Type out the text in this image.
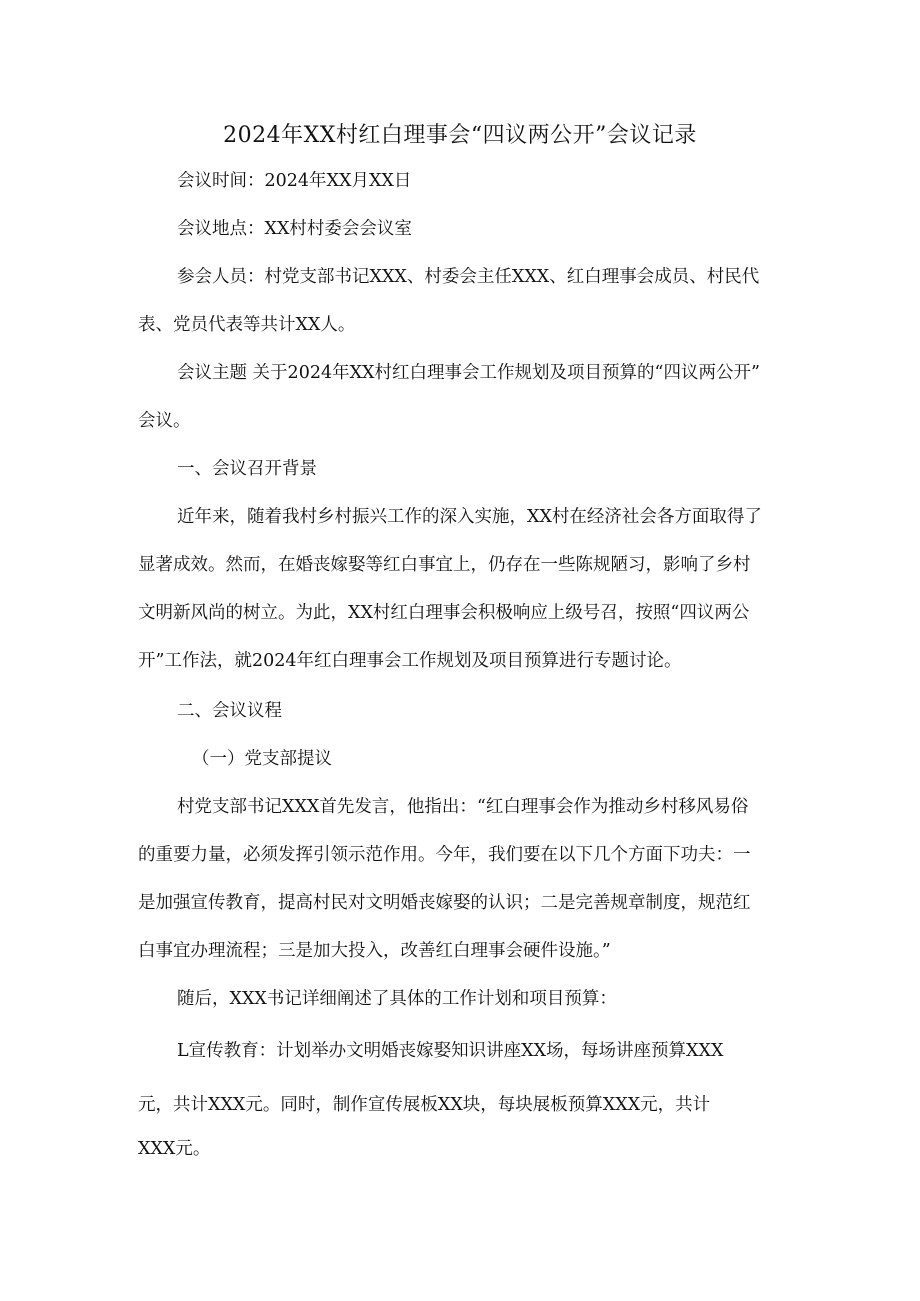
2024年XX村红白理事会“四议两公开”会议记录

会议时间：2024年XX月XX日

会议地点：XX村村委会会议室

参会人员：村党支部书记XXX、村委会主任XXX、红白理事会成员、村民代

表、党员代表等共计XX人。

会议主题 关于2024年XX村红白理事会工作规划及项目预算的“四议两公开”

会议。

一、会议召开背景

近年来，随着我村乡村振兴工作的深入实施，XX村在经济社会各方面取得了

显著成效。然而，在婚丧嫁娶等红白事宜上，仍存在一些陈规陋习，影响了乡村

文明新风尚的树立。为此，XX村红白理事会积极响应上级号召，按照“四议两公

开”工作法，就2024年红白理事会工作规划及项目预算进行专题讨论。

二、会议议程

（一）党支部提议

村党支部书记XXX首先发言，他指出：“红白理事会作为推动乡村移风易俗

的重要力量，必须发挥引领示范作用。今年，我们要在以下几个方面下功夫：一

是加强宣传教育，提高村民对文明婚丧嫁娶的认识；二是完善规章制度，规范红

白事宜办理流程；三是加大投入，改善红白理事会硬件设施。”

随后，XXX书记详细阐述了具体的工作计划和项目预算：

L宣传教育：计划举办文明婚丧嫁娶知识讲座XX场，每场讲座预算XXX

元，共计XXX元。同时，制作宣传展板XX块，每块展板预算XXX元，共计

XXX元。
